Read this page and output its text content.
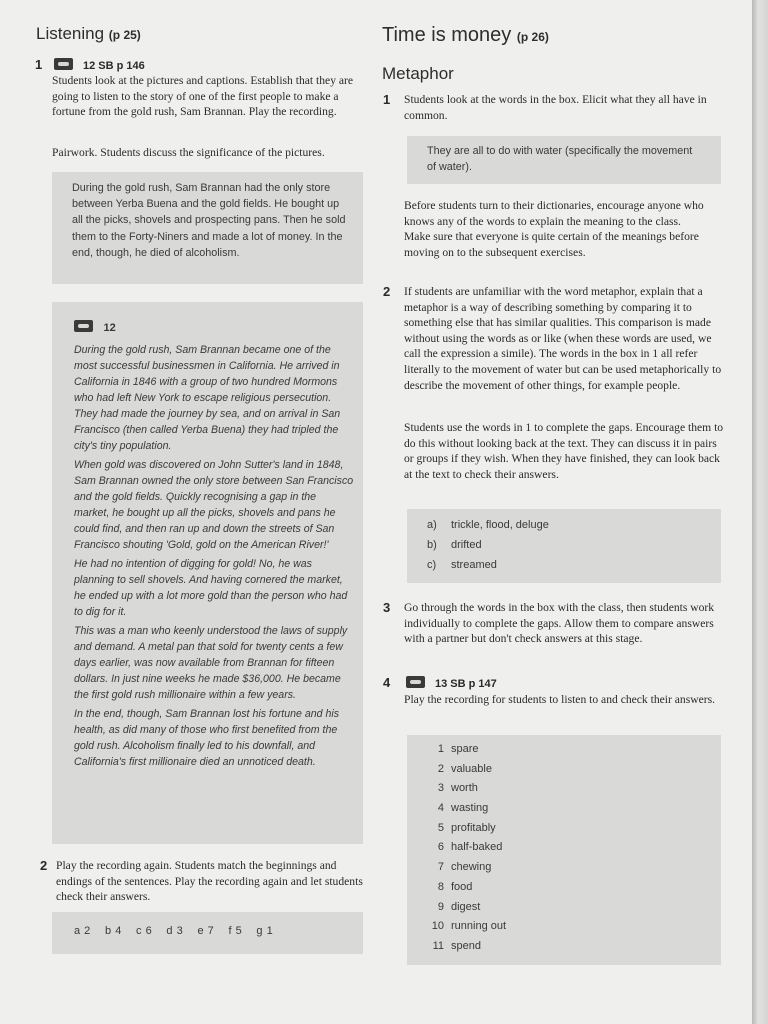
Listening (p 25)
1	12 SB p 146

Students look at the pictures and captions. Establish that they are going to listen to the story of one of the first people to make a fortune from the gold rush, Sam Brannan. Play the recording.

Pairwork. Students discuss the significance of the pictures.

During the gold rush, Sam Brannan had the only store between Yerba Buena and the gold fields. He bought up all the picks, shovels and prospecting pans. Then he sold them to the Forty-Niners and made a lot of money. In the end, though, he died of alcoholism.
12

During the gold rush, Sam Brannan became one of the most successful businessmen in California. He arrived in California in 1846 with a group of two hundred Mormons who had left New York to escape religious persecution. They had made the journey by sea, and on arrival in San Francisco (then called Yerba Buena) they had tripled the city's tiny population.

When gold was discovered on John Sutter's land in 1848, Sam Brannan owned the only store between San Francisco and the gold fields. Quickly recognising a gap in the market, he bought up all the picks, shovels and pans he could find, and then ran up and down the streets of San Francisco shouting 'Gold, gold on the American River!'

He had no intention of digging for gold! No, he was planning to sell shovels. And having cornered the market, he ended up with a lot more gold than the person who had to dig for it.

This was a man who keenly understood the laws of supply and demand. A metal pan that sold for twenty cents a few days earlier, was now available from Brannan for fifteen dollars. In just nine weeks he made $36,000. He became the first gold rush millionaire within a few years.

In the end, though, Sam Brannan lost his fortune and his health, as did many of those who first benefited from the gold rush. Alcoholism finally led to his downfall, and California's first millionaire died an unnoticed death.

2 Play the recording again. Students match the beginnings and endings of the sentences. Play the recording again and let students check their answers.

a 2    b 4    c 6    d 3    e 7    f 5    g 1
Time is money (p 26)
Metaphor
1 Students look at the words in the box. Elicit what they all have in common.

They are all to do with water (specifically the movement of water).

Before students turn to their dictionaries, encourage anyone who knows any of the words to explain the meaning to the class. Make sure that everyone is quite certain of the meanings before moving on to the subsequent exercises.

2 If students are unfamiliar with the word metaphor, explain that a metaphor is a way of describing something by comparing it to something else that has similar qualities. This comparison is made without using the words as or like (when these words are used, we call the expression a simile). The words in the box in 1 all refer literally to the movement of water but can be used metaphorically to describe the movement of other things, for example people.

Students use the words in 1 to complete the gaps. Encourage them to do this without looking back at the text. They can discuss it in pairs or groups if they wish. When they have finished, they can look back at the text to check their answers.

a) trickle, flood, deluge
b) drifted
c) streamed
3 Go through the words in the box with the class, then students work individually to complete the gaps. Allow them to compare answers with a partner but don't check answers at this stage.

4	13 SB p 147

Play the recording for students to listen to and check their answers.

1 spare
2 valuable
3 worth
4 wasting
5 profitably
6 half-baked
7 chewing
8 food
9 digest
10 running out
11 spend
